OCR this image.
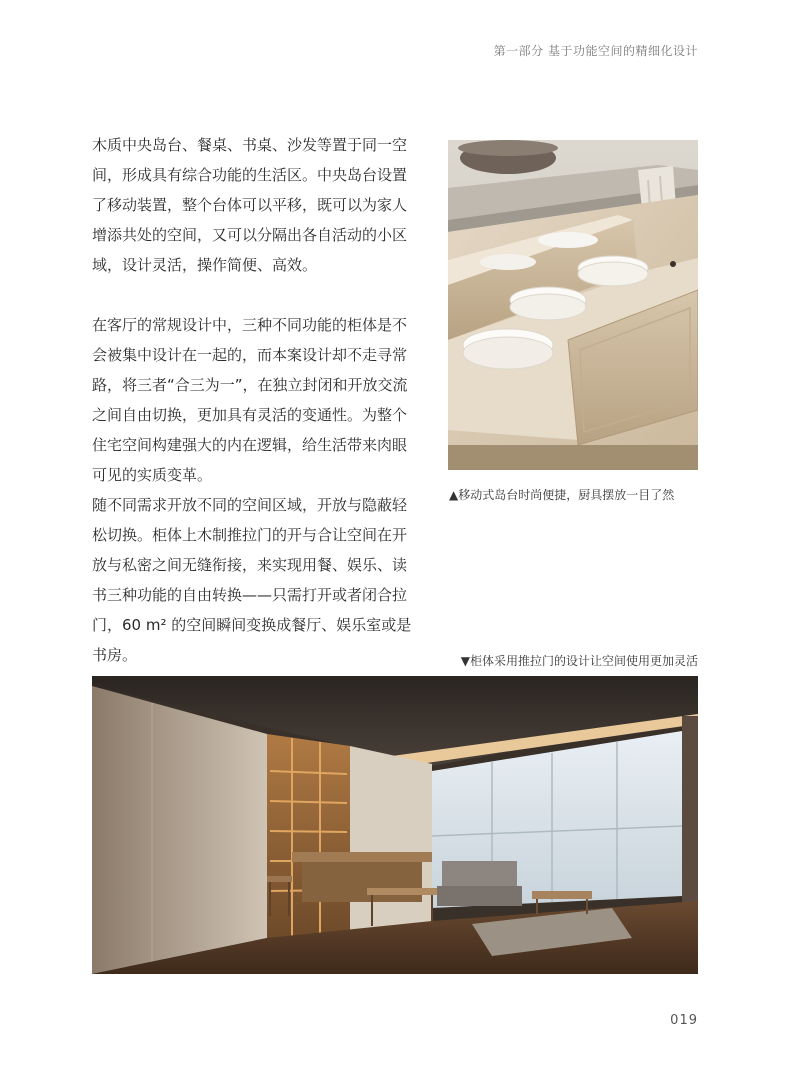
第一部分 基于功能空间的精细化设计

木质中央岛台、餐桌、书桌、沙发等置于同一空间，形成具有综合功能的生活区。中央岛台设置了移动装置，整个台体可以平移，既可以为家人增添共处的空间，又可以分隔出各自活动的小区域，设计灵活，操作简便、高效。

在客厅的常规设计中，三种不同功能的柜体是不会被集中设计在一起的，而本案设计却不走寻常路，将三者“合三为一”，在独立封闭和开放交流之间自由切换，更加具有灵活的变通性。为整个住宅空间构建强大的内在逻辑，给生活带来肉眼可见的实质变革。

随不同需求开放不同的空间区域，开放与隐蔽轻松切换。柜体上木制推拉门的开与合让空间在开放与私密之间无缝衔接，来实现用餐、娱乐、读书三种功能的自由转换——只需打开或者闭合拉门，60 m² 的空间瞬间变换成餐厅、娱乐室或是书房。

▲移动式岛台时尚便捷，厨具摆放一目了然
▼柜体采用推拉门的设计让空间使用更加灵活
019
